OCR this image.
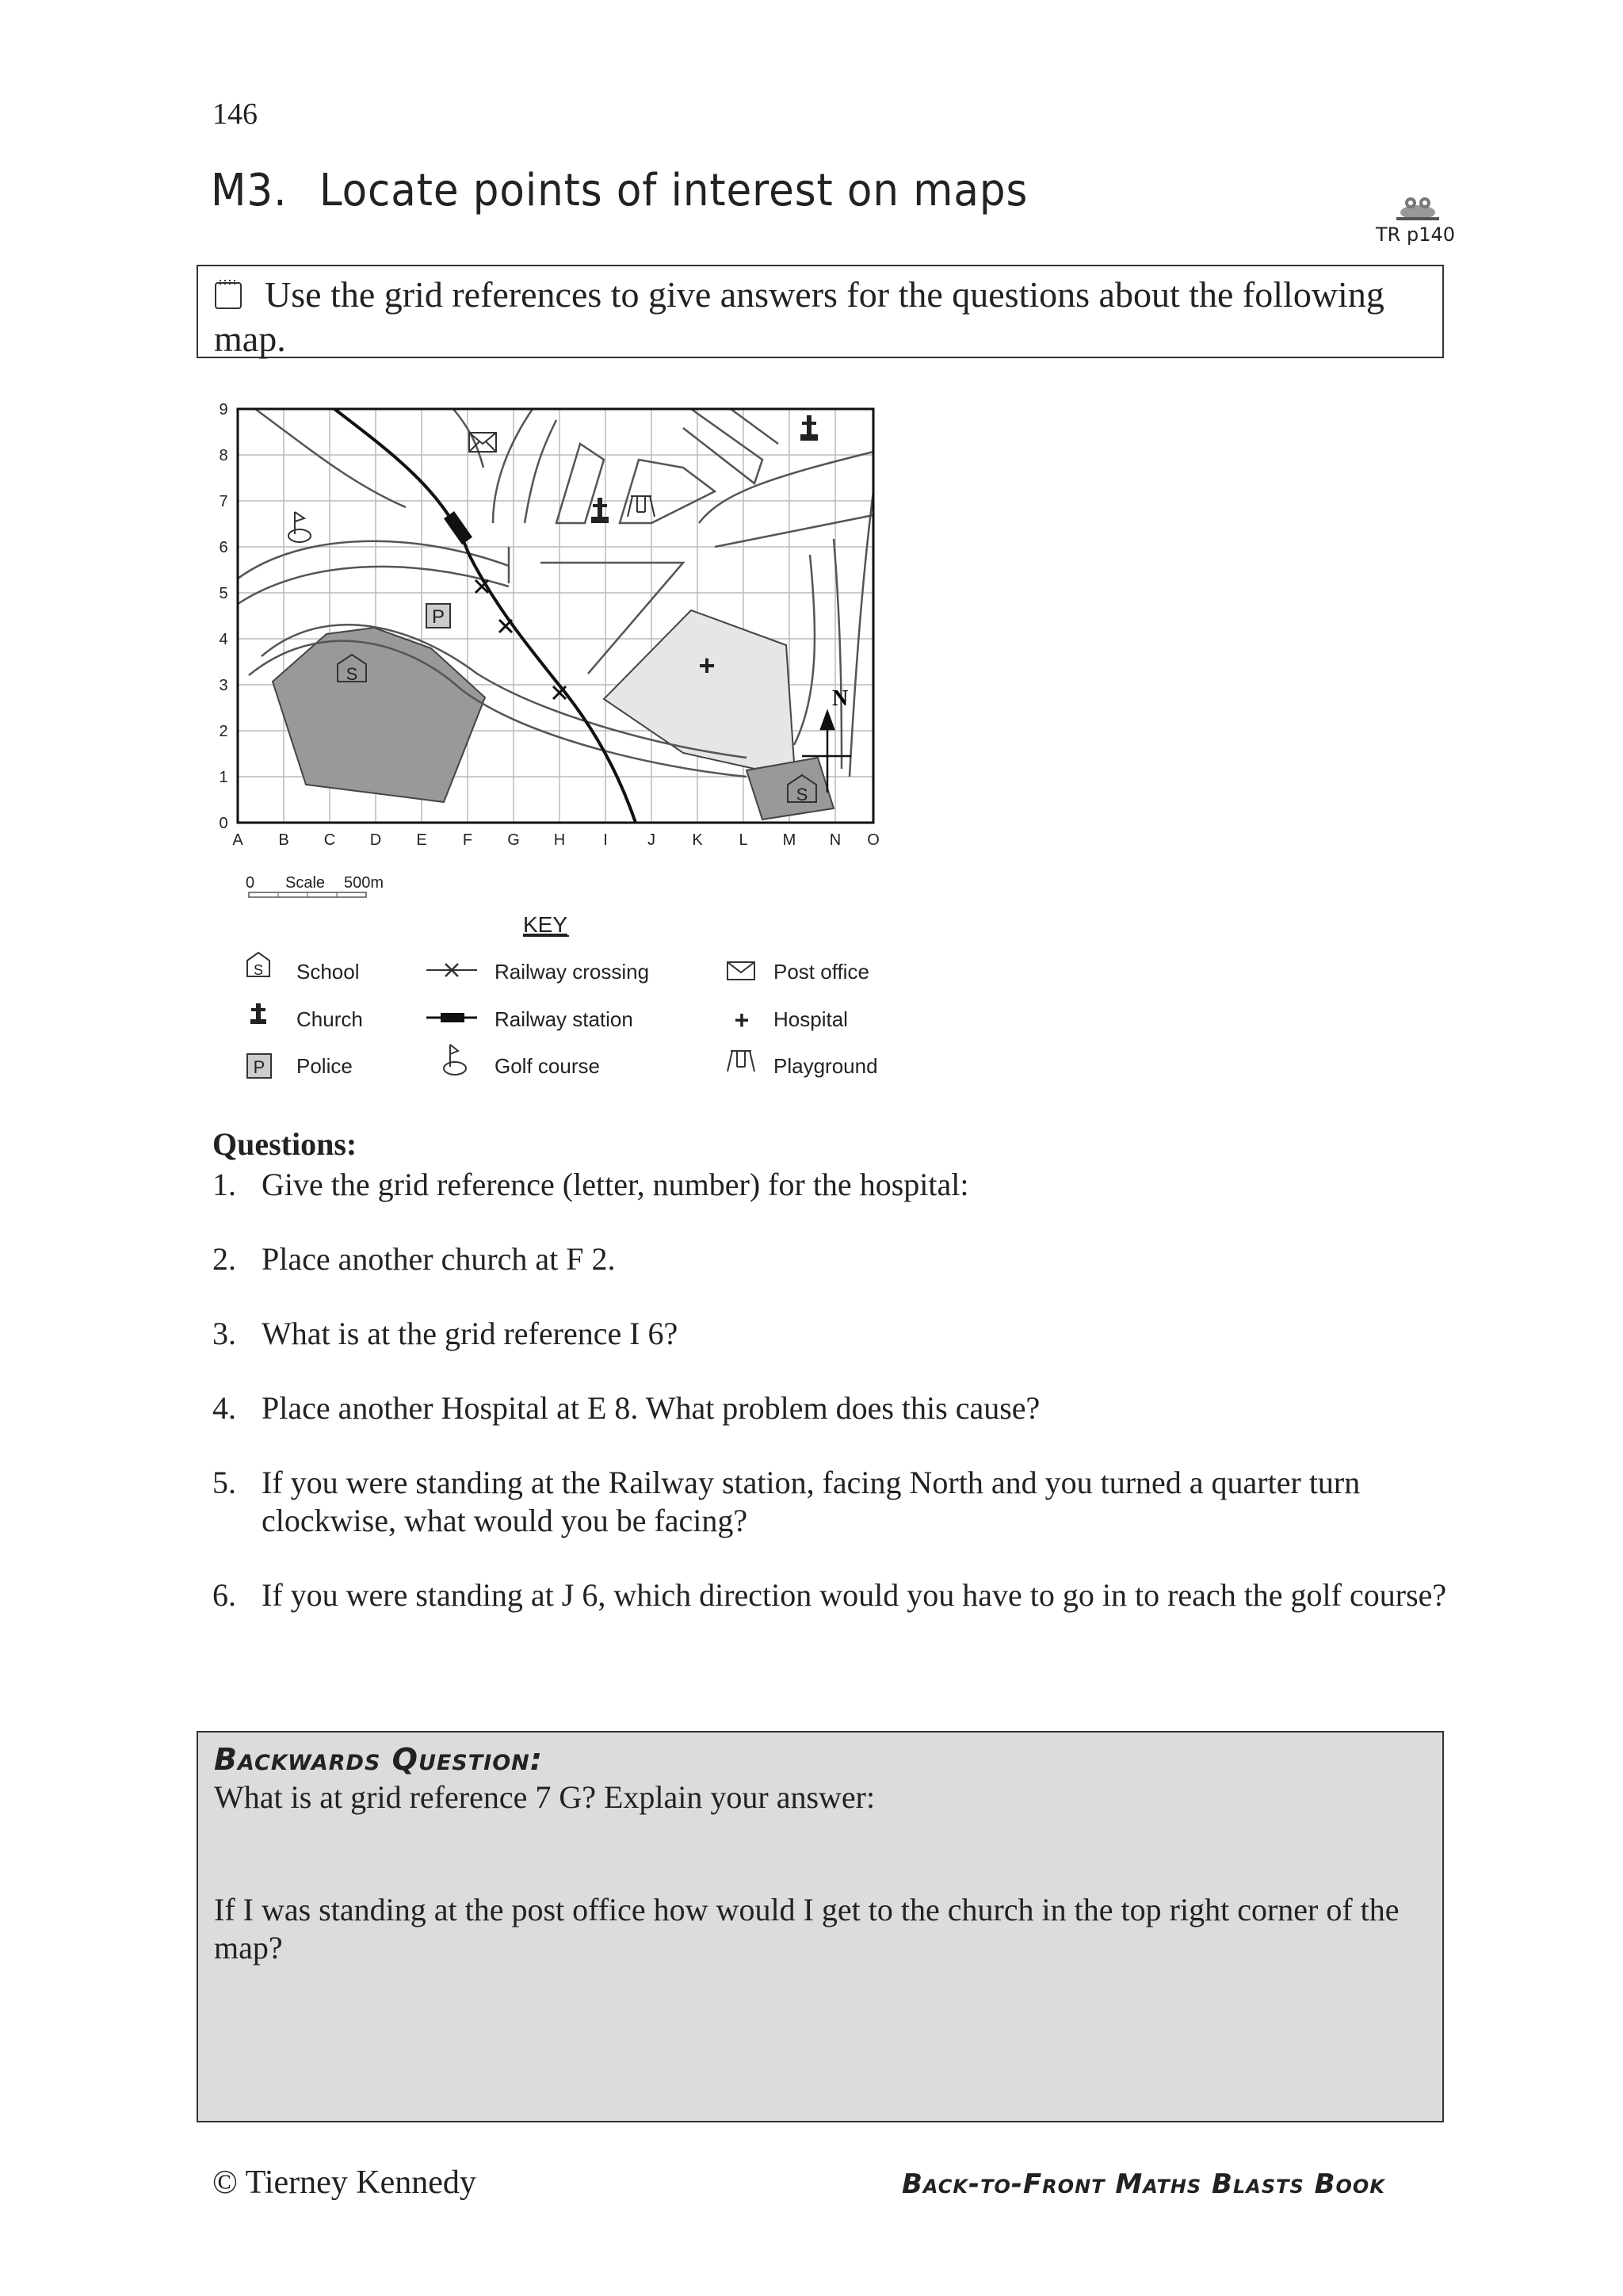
146
M3. Locate points of interest on maps
TR p140
Use the grid references to give answers for the questions about the following map.
P
S
S
+
N
A B C D E F G H I	J K L M N O
0
1
2
3
4
5
6
7
8
9
0 Scale 500m
KEY
S School
Church
P Police
Railway crossing
Railway station
Golf course
Post office
+ Hospital
Playground
Questions:
1. Give the grid reference (letter, number) for the hospital:
2. Place another church at F 2.
3. What is at the grid reference I 6?
4. Place another Hospital at E 8. What problem does this cause?
5. If you were standing at the Railway station, facing North and you turned a quarter turn clockwise, what would you be facing?
6. If you were standing at J 6, which direction would you have to go in to reach the golf course?
Backwards Question:
What is at grid reference 7 G? Explain your answer:
If I was standing at the post office how would I get to the church in the top right corner of the map?
© Tierney Kennedy	Back-to-Front Maths Blasts Book
